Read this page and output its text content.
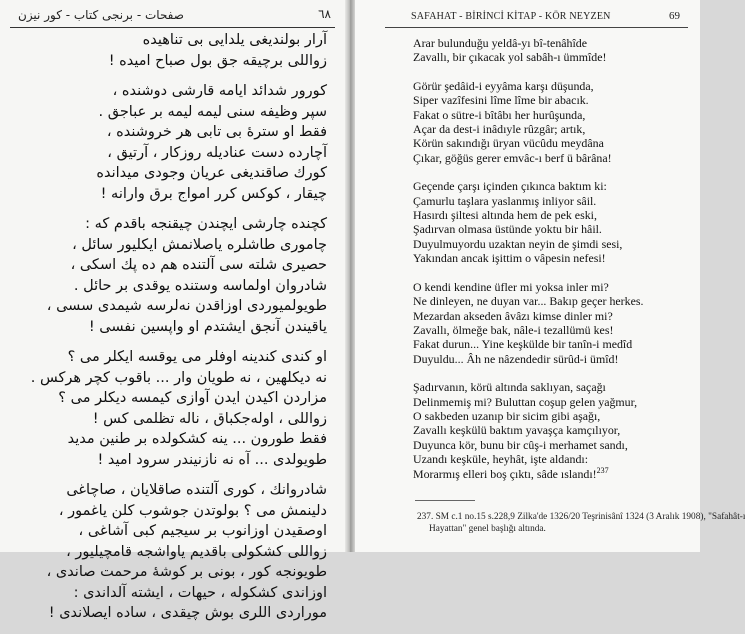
صفحات - برنجی کتاب - کور نیزن	٦٨
آرار بولندیغی یلدایی بی تناهیده
زواللی برچیقه جق بول صباح امیده !
کورور شدائد ایامه قارشی دوشنده ،
سپر وظیفه سنی لیمه لیمه بر عباجق .
فقط او سترهٔ بی تابی هر خروشنده ،
آچارده دست عنادیله روزکار ، آرتیق ،
کورك صاقندیغی عریان وجودی میدانده
چیقار ، کوکس کرر امواج برق وارانه !
کچنده چارشی ایچندن چیقنجه باقدم که :
چاموری طاشلره یاصلانمش ایکلیور سائل ،
حصیری شلته سی آلتنده هم ده پك اسکی ،
شادروان اولماسه وستنده یوقدی بر حائل .
طویولمیوردی اوزاقدن نه‌لرسه شیمدی سسی ،
یاقیندن آنجق ایشتدم او واپسین نفسی !
او کندی کندینه اوفلر می یوقسه ایکلر می ؟
نه دیکلهین ، نه طویان وار ... باقوب کچر هرکس .
مزاردن اکیدن ایدن آوازی کیمسه دیکلر می ؟
زواللی ، اوله‌جکباق ، ناله تظلمی کس !
فقط طورون ... ینه کشکولده بر طنین مدید
طویولدی ... آه نه نازنیندر سرود امید !
شادروانك ، کوری آلتنده صاقلایان ، صاچاغی
دلینمش می ؟ بولوتدن جوشوب کلن یاغمور ،
اوصقیدن اوزانوب بر سیجیم کبی آشاغی ،
زواللی کشکولی باقدیم یاواشجه قامچیلیور ،
طویونجه کور ، بونی بر کوشهٔ مرحمت صاندی ،
اوزاندی کشکوله ، حیهات ، ایشته آلداندی :
موراردی اللری بوش چیقدی ، ساده ایصلاندی !
SAFAHAT - BİRİNCİ KİTAP - KÖR NEYZEN	69
Arar bulunduğu yeldâ-yı bî-tenâhîde
Zavallı, bir çıkacak yol sabâh-ı ümmîde!
Görür şedâid-i eyyâma karşı düşunda,
Siper vazîfesini lîme lîme bir abacık.
Fakat o sütre-i bîtâbı her hurûşunda,
Açar da dest-i inâdıyle rûzgâr; artık,
Körün sakındığı üryan vücûdu meydâna
Çıkar, göğüs gerer emvâc-ı berf ü bârâna!
Geçende çarşı içinden çıkınca baktım ki:
Çamurlu taşlara yaslanmış inliyor sâil.
Hasırdı şiltesi altında hem de pek eski,
Şadırvan olmasa üstünde yoktu bir hâil.
Duyulmuyordu uzaktan neyin de şimdi sesi,
Yakından ancak işittim o vâpesin nefesi!
O kendi kendine üfler mi yoksa inler mi?
Ne dinleyen, ne duyan var... Bakıp geçer herkes.
Mezardan akseden âvâzı kimse dinler mi?
Zavallı, ölmeğe bak, nâle-i tezallümü kes!
Fakat durun... Yine keşkülde bir tanîn-i medîd
Duyuldu... Âh ne nâzendedir sürûd-i ümîd!
Şadırvanın, körü altında saklıyan, saçağı
Delinmemiş mi? Buluttan coşup gelen yağmur,
O sakbeden uzanıp bir sicim gibi aşağı,
Zavallı keşkülü baktım yavaşça kamçılıyor,
Duyunca kör, bunu bir cûş-i merhamet sandı,
Uzandı keşküle, heyhât, işte aldandı:
Morarmış elleri boş çıktı, sâde ıslandı!$^{237}$
237. SM c.1 no.15 s.228,9 Zilka'de 1326/20 Teşrinisânî 1324 (3 Aralık 1908), "Safahât-ı
Hayattan" genel başlığı altında.
